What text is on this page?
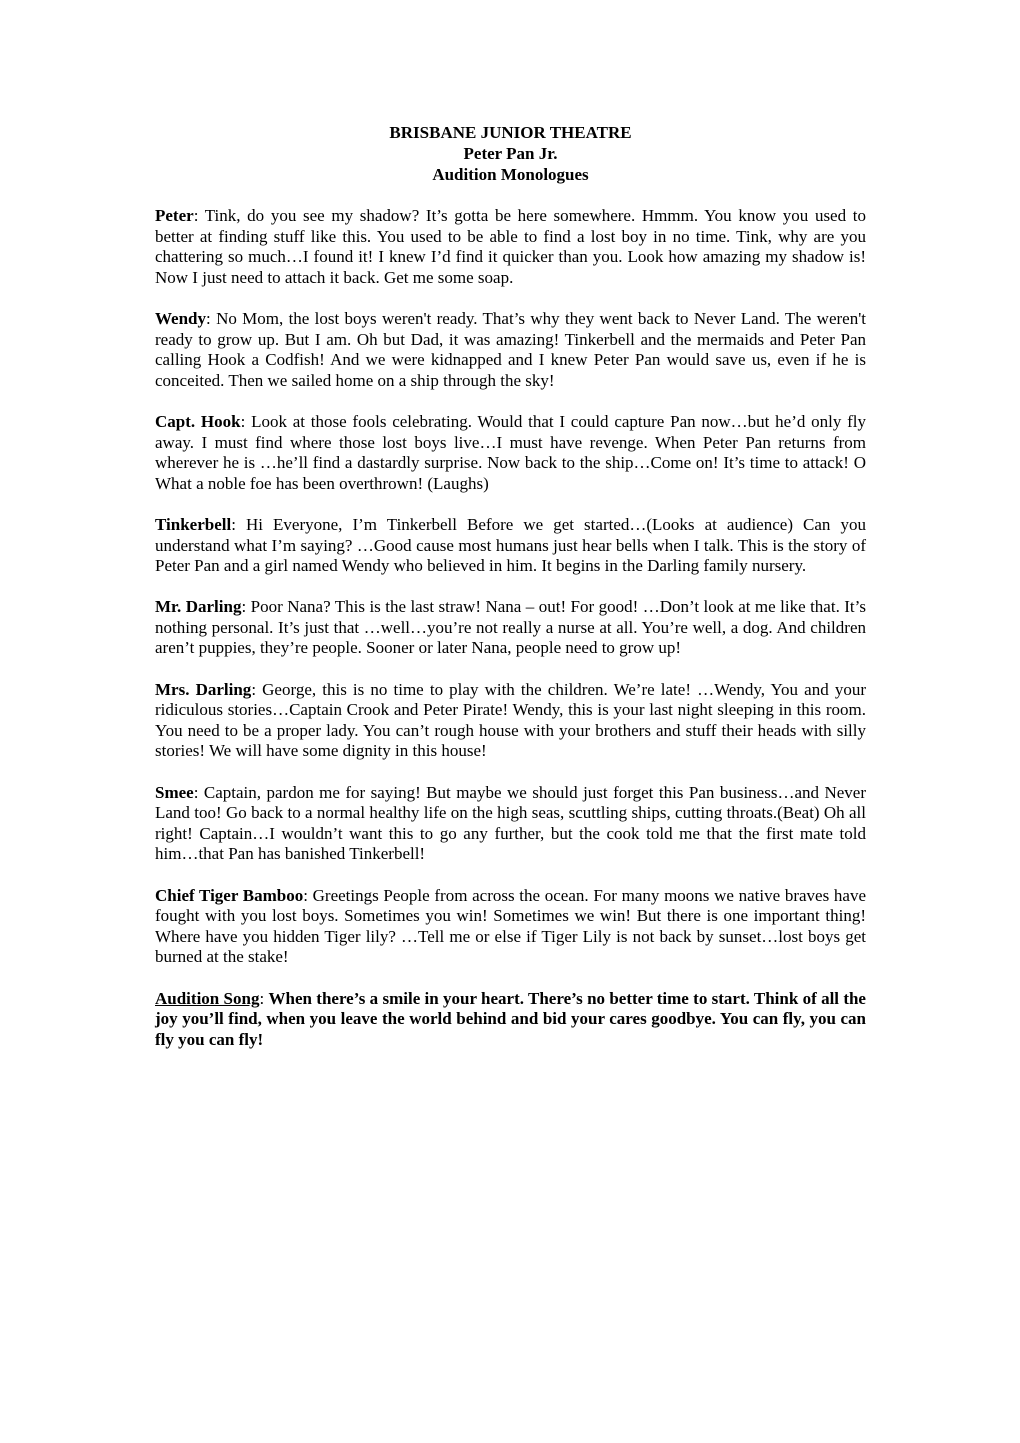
BRISBANE JUNIOR THEATRE
Peter Pan Jr.
Audition Monologues

Peter: Tink, do you see my shadow? It’s gotta be here somewhere. Hmmm. You know you used to better at finding stuff like this. You used to be able to find a lost boy in no time. Tink, why are you chattering so much…I found it! I knew I’d find it quicker than you. Look how amazing my shadow is! Now I just need to attach it back. Get me some soap.

Wendy: No Mom, the lost boys weren't ready. That’s why they went back to Never Land. The weren't ready to grow up. But I am. Oh but Dad, it was amazing! Tinkerbell and the mermaids and Peter Pan calling Hook a Codfish! And we were kidnapped and I knew Peter Pan would save us, even if he is conceited. Then we sailed home on a ship through the sky!

Capt. Hook: Look at those fools celebrating. Would that I could capture Pan now…but he’d only fly away. I must find where those lost boys live…I must have revenge. When Peter Pan returns from wherever he is …he’ll find a dastardly surprise. Now back to the ship…Come on! It’s time to attack! O What a noble foe has been overthrown! (Laughs)

Tinkerbell: Hi Everyone, I’m Tinkerbell Before we get started…(Looks at audience) Can you understand what I’m saying? …Good cause most humans just hear bells when I talk. This is the story of Peter Pan and a girl named Wendy who believed in him. It begins in the Darling family nursery.

Mr. Darling: Poor Nana? This is the last straw! Nana – out! For good! …Don’t look at me like that. It’s nothing personal. It’s just that …well…you’re not really a nurse at all. You’re well, a dog. And children aren’t puppies, they’re people. Sooner or later Nana, people need to grow up!

Mrs. Darling: George, this is no time to play with the children. We’re late! …Wendy, You and your ridiculous stories…Captain Crook and Peter Pirate! Wendy, this is your last night sleeping in this room. You need to be a proper lady. You can’t rough house with your brothers and stuff their heads with silly stories! We will have some dignity in this house!

Smee: Captain, pardon me for saying! But maybe we should just forget this Pan business…and Never Land too! Go back to a normal healthy life on the high seas, scuttling ships, cutting throats.(Beat) Oh all right! Captain…I wouldn’t want this to go any further, but the cook told me that the first mate told him…that Pan has banished Tinkerbell!

Chief Tiger Bamboo: Greetings People from across the ocean. For many moons we native braves have fought with you lost boys. Sometimes you win! Sometimes we win! But there is one important thing! Where have you hidden Tiger lily? …Tell me or else if Tiger Lily is not back by sunset…lost boys get burned at the stake!

Audition Song: When there’s a smile in your heart. There’s no better time to start. Think of all the joy you’ll find, when you leave the world behind and bid your cares goodbye. You can fly, you can fly you can fly!
